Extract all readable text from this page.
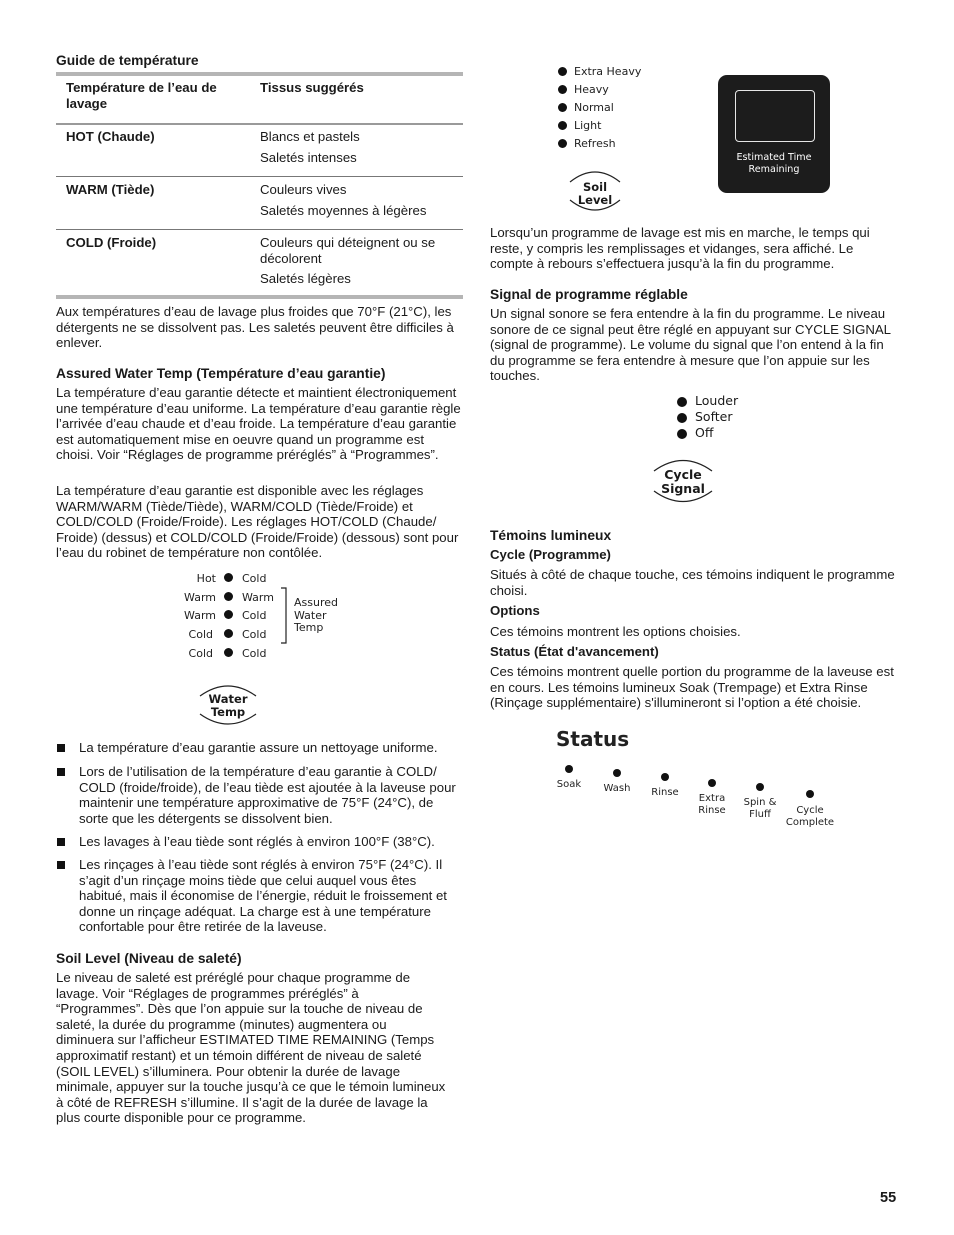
Guide de température
Température de l’eau de lavage	Tissus suggérés
HOT (Chaude)	Blancs et pastels
Saletés intenses
WARM (Tiède)	Couleurs vives
Saletés moyennes à légères
COLD (Froide)	Couleurs qui déteignent ou se décolorent
Saletés légères

Aux températures d’eau de lavage plus froides que 70°F (21°C), les détergents ne se dissolvent pas. Les saletés peuvent être difficiles à enlever.

Assured Water Temp (Température d’eau garantie)

La température d’eau garantie détecte et maintient électroniquement une température d’eau uniforme. La température d’eau garantie règle l’arrivée d’eau chaude et d’eau froide. La température d’eau garantie est automatiquement mise en oeuvre quand un programme est choisi. Voir “Réglages de programme préréglés” à “Programmes”.

La température d’eau garantie est disponible avec les réglages WARM/WARM (Tiède/Tiède), WARM/COLD (Tiède/Froide) et COLD/COLD (Froide/Froide). Les réglages HOT/COLD (Chaude/ Froide) (dessus) et COLD/COLD (Froide/Froide) (dessous) sont pour l’eau du robinet de température non contôlée.

Hot Cold
Warm Warm
Warm Cold
Cold	Cold
Cold	Cold
Assured
Water
Temp
Water
Temp
La température d’eau garantie assure un nettoyage uniforme.
Lors de l’utilisation de la température d’eau garantie à COLD/ COLD (froide/froide), de l’eau tiède est ajoutée à la laveuse pour maintenir une température approximative de 75°F (24°C), de sorte que les détergents se dissolvent bien.
Les lavages à l’eau tiède sont réglés à environ 100°F (38°C).
Les rinçages à l’eau tiède sont réglés à environ 75°F (24°C). Il s’agit d’un rinçage moins tiède que celui auquel vous êtes habitué, mais il économise de l’énergie, réduit le froissement et donne un rinçage adéquat. La charge est à une température confortable pour être retirée de la laveuse.
Soil Level (Niveau de saleté)

Le niveau de saleté est préréglé pour chaque programme de lavage. Voir “Réglages de programmes préréglés” à “Programmes”. Dès que l’on appuie sur la touche de niveau de saleté, la durée du programme (minutes) augmentera ou diminuera sur l’afficheur ESTIMATED TIME REMAINING (Temps approximatif restant) et un témoin différent de niveau de saleté (SOIL LEVEL) s’illuminera. Pour obtenir la durée de lavage minimale, appuyer sur la touche jusqu’à ce que le témoin lumineux à côté de REFRESH s’illumine. Il s’agit de la durée de lavage la plus courte disponible pour ce programme.

Extra Heavy
Heavy
Normal
Light
Refresh
Soil
Level
Estimated Time
Remaining

Lorsqu’un programme de lavage est mis en marche, le temps qui reste, y compris les remplissages et vidanges, sera affiché. Le compte à rebours s’effectuera jusqu’à la fin du programme.

Signal de programme réglable

Un signal sonore se fera entendre à la fin du programme. Le niveau sonore de ce signal peut être réglé en appuyant sur CYCLE SIGNAL (signal de programme). Le volume du signal que l’on entend à la fin du programme se fera entendre à mesure que l’on appuie sur les touches.

Louder
Softer
Off
Cycle
Signal
Témoins lumineux
Cycle (Programme)

Situés à côté de chaque touche, ces témoins indiquent le programme choisi.

Options

Ces témoins montrent les options choisies.

Status (État d'avancement)

Ces témoins montrent quelle portion du programme de la laveuse est en cours. Les témoins lumineux Soak (Trempage) et Extra Rinse (Rinçage supplémentaire) s'illumineront si l’option a été choisie.

Status
Soak	Wash	Rinse
Extra
Rinse
Spin &
Fluff	Cycle
Complete
55
